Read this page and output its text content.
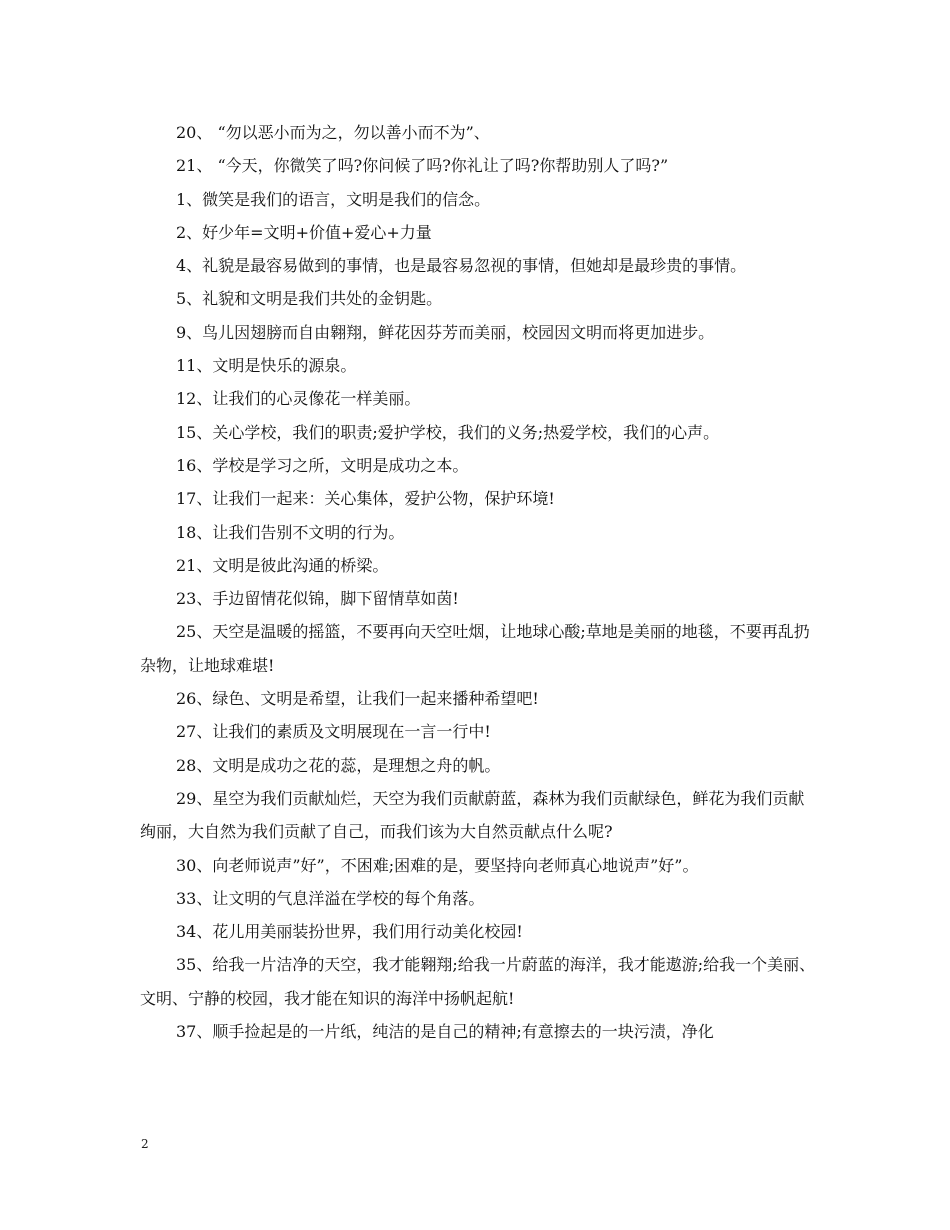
20、 “勿以恶小而为之，勿以善小而不为”、

21、 “今天，你微笑了吗?你问候了吗?你礼让了吗?你帮助别人了吗?”

1、微笑是我们的语言，文明是我们的信念。

2、好少年=文明+价值+爱心+力量

4、礼貌是最容易做到的事情，也是最容易忽视的事情，但她却是最珍贵的事情。

5、礼貌和文明是我们共处的金钥匙。

9、鸟儿因翅膀而自由翱翔，鲜花因芬芳而美丽，校园因文明而将更加进步。

11、文明是快乐的源泉。

12、让我们的心灵像花一样美丽。

15、关心学校，我们的职责;爱护学校，我们的义务;热爱学校，我们的心声。

16、学校是学习之所，文明是成功之本。

17、让我们一起来：关心集体，爱护公物，保护环境!

18、让我们告别不文明的行为。

21、文明是彼此沟通的桥梁。

23、手边留情花似锦，脚下留情草如茵!

25、天空是温暖的摇篮，不要再向天空吐烟，让地球心酸;草地是美丽的地毯，不要再乱扔杂物，让地球难堪!

26、绿色、文明是希望，让我们一起来播种希望吧!

27、让我们的素质及文明展现在一言一行中!

28、文明是成功之花的蕊，是理想之舟的帆。

29、星空为我们贡献灿烂，天空为我们贡献蔚蓝，森林为我们贡献绿色，鲜花为我们贡献绚丽，大自然为我们贡献了自己，而我们该为大自然贡献点什么呢?

30、向老师说声”好”，不困难;困难的是，要坚持向老师真心地说声”好”。

33、让文明的气息洋溢在学校的每个角落。

34、花儿用美丽装扮世界，我们用行动美化校园!

35、给我一片洁净的天空，我才能翱翔;给我一片蔚蓝的海洋，我才能遨游;给我一个美丽、文明、宁静的校园，我才能在知识的海洋中扬帆起航!

37、顺手捡起是的一片纸，纯洁的是自己的精神;有意擦去的一块污渍，净化

2
